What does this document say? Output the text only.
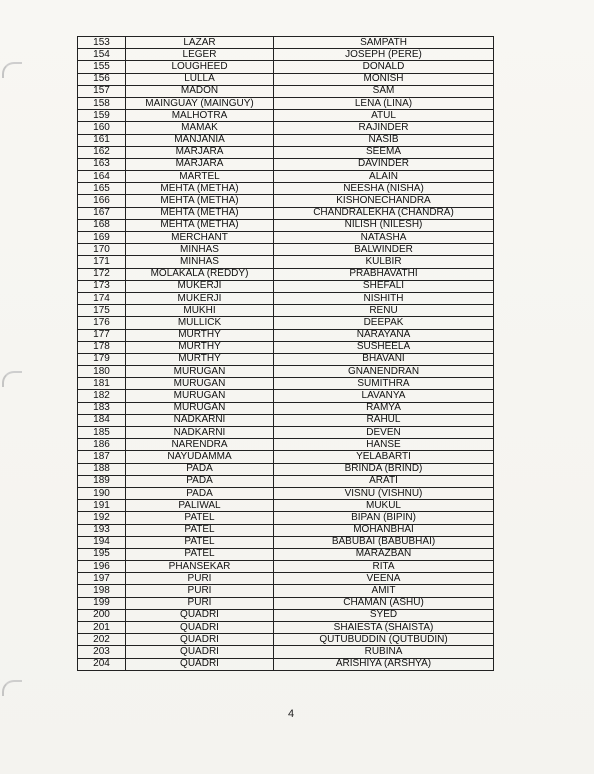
153	LAZAR	SAMPATH
154	LEGER	JOSEPH (PERE)
155	LOUGHEED	DONALD
156	LULLA	MONISH
157	MADON	SAM
158	MAINGUAY (MAINGUY)	LENA (LINA)
159	MALHOTRA	ATUL
160	MAMAK	RAJINDER
161	MANJANIA	NASIB
162	MARJARA	SEEMA
163	MARJARA	DAVINDER
164	MARTEL	ALAIN
165	MEHTA (METHA)	NEESHA (NISHA)
166	MEHTA (METHA)	KISHONECHANDRA
167	MEHTA (METHA)	CHANDRALEKHA (CHANDRA)
168	MEHTA (METHA)	NILISH (NILESH)
169	MERCHANT	NATASHA
170	MINHAS	BALWINDER
171	MINHAS	KULBIR
172	MOLAKALA (REDDY)	PRABHAVATHI
173	MUKERJI	SHEFALI
174	MUKERJI	NISHITH
175	MUKHI	RENU
176	MULLICK	DEEPAK
177	MURTHY	NARAYANA
178	MURTHY	SUSHEELA
179	MURTHY	BHAVANI
180	MURUGAN	GNANENDRAN
181	MURUGAN	SUMITHRA
182	MURUGAN	LAVANYA
183	MURUGAN	RAMYA
184	NADKARNI	RAHUL
185	NADKARNI	DEVEN
186	NARENDRA	HANSE
187	NAYUDAMMA	YELABARTI
188	PADA	BRINDA (BRIND)
189	PADA	ARATI
190	PADA	VISNU (VISHNU)
191	PALIWAL	MUKUL
192	PATEL	BIPAN (BIPIN)
193	PATEL	MOHANBHAI
194	PATEL	BABUBAI (BABUBHAI)
195	PATEL	MARAZBAN
196	PHANSEKAR	RITA
197	PURI	VEENA
198	PURI	AMIT
199	PURI	CHAMAN (ASHU)
200	QUADRI	SYED
201	QUADRI	SHAIESTA (SHAISTA)
202	QUADRI	QUTUBUDDIN (QUTBUDIN)
203	QUADRI	RUBINA
204	QUADRI	ARISHIYA (ARSHYA)
4
